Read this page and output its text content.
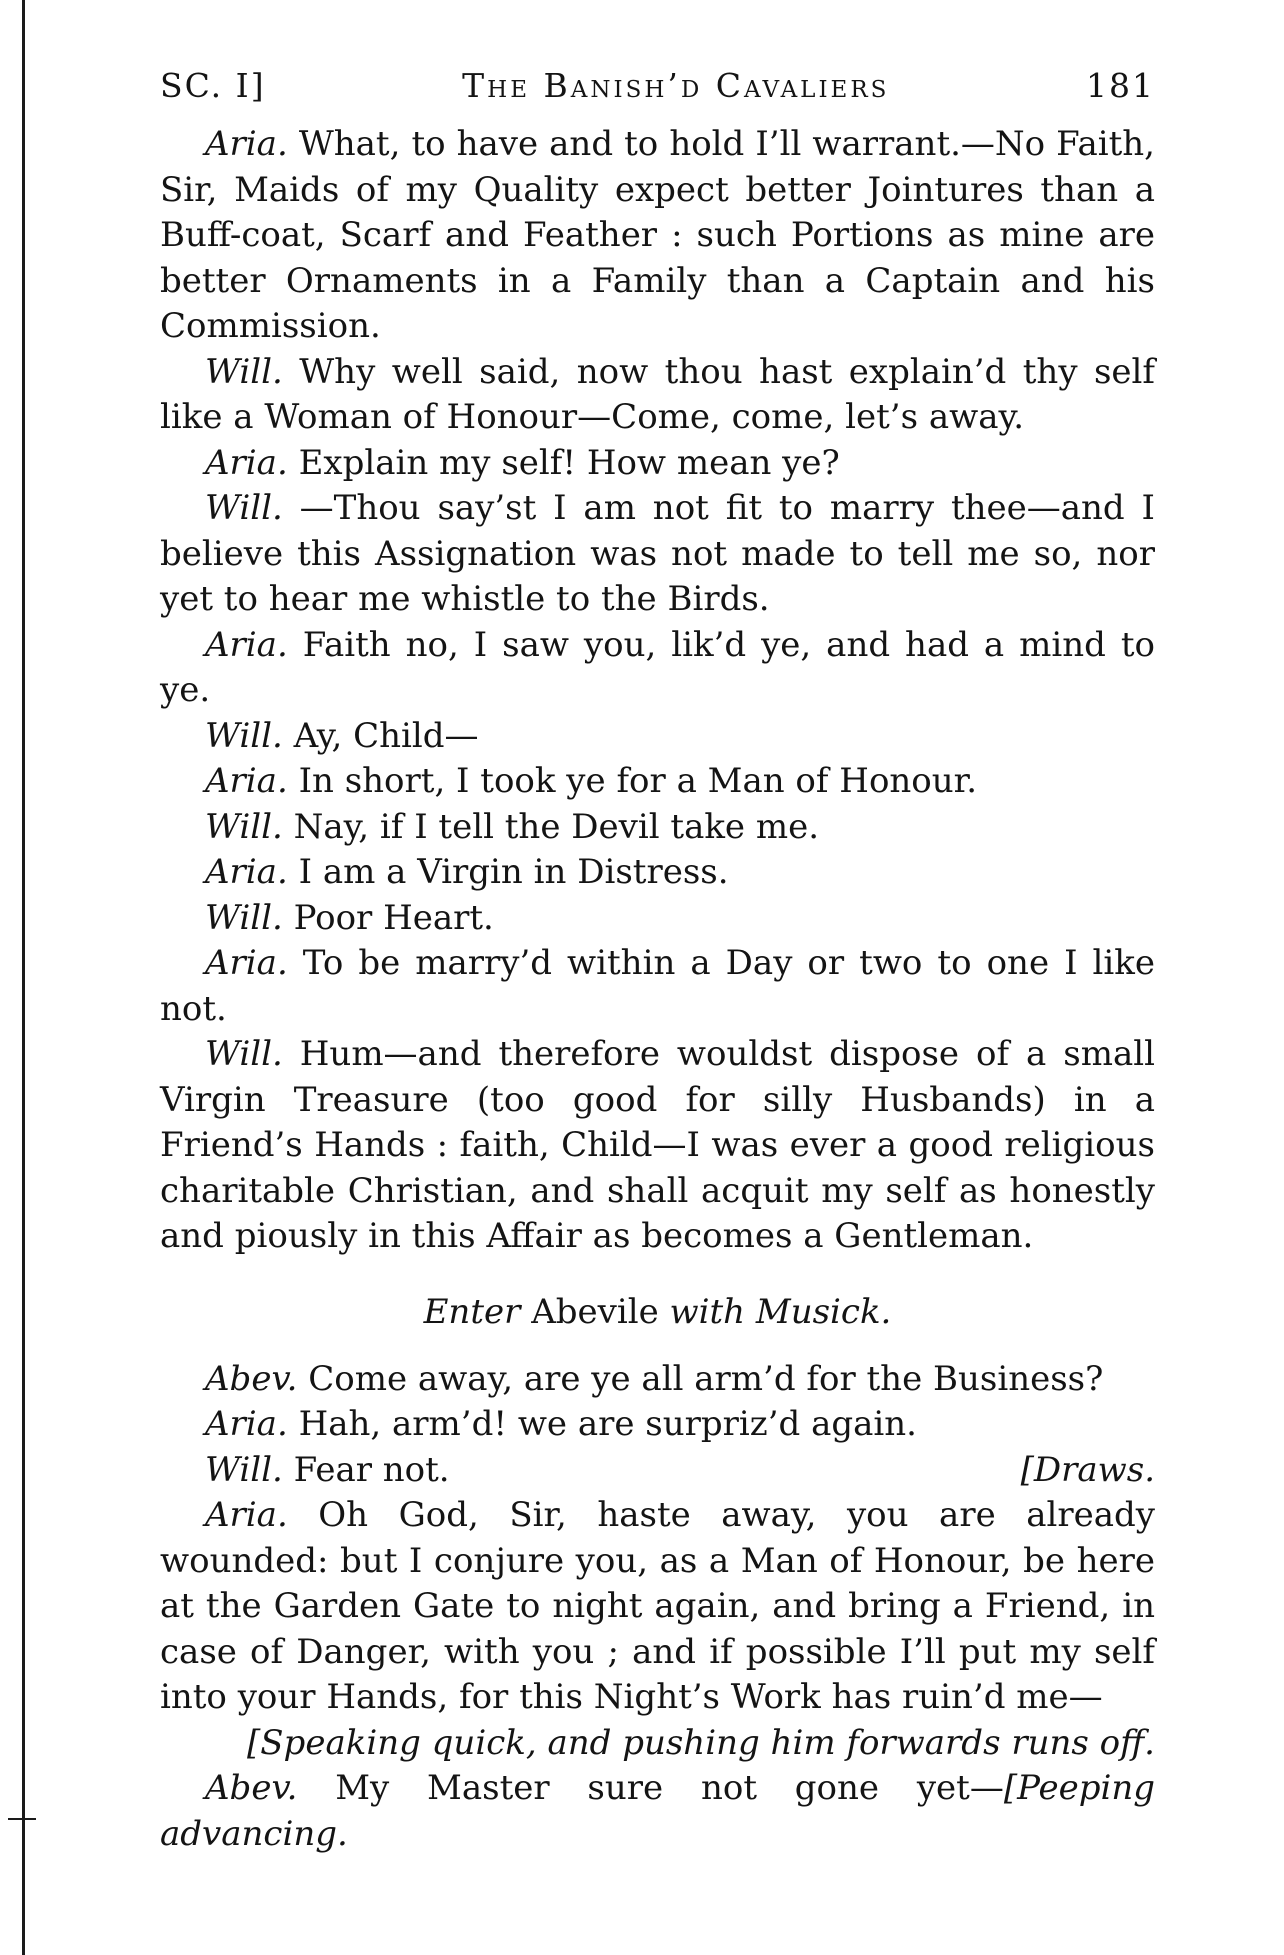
SC. I]	The Banish’d Cavaliers	181

Aria. What, to have and to hold I’ll warrant.—No Faith, Sir, Maids of my Quality expect better Jointures than a Buff-coat, Scarf and Feather : such Portions as mine are better Ornaments in a Family than a Captain and his Commission.

Will. Why well said, now thou hast explain’d thy self like a Woman of Honour—Come, come, let’s away.

Aria. Explain my self! How mean ye?

Will. —Thou say’st I am not fit to marry thee—and I believe this Assignation was not made to tell me so, nor yet to hear me whistle to the Birds.

Aria. Faith no, I saw you, lik’d ye, and had a mind to ye.

Will. Ay, Child—

Aria. In short, I took ye for a Man of Honour.

Will. Nay, if I tell the Devil take me.

Aria. I am a Virgin in Distress.

Will. Poor Heart.

Aria. To be marry’d within a Day or two to one I like not.

Will. Hum—and therefore wouldst dispose of a small Virgin Treasure (too good for silly Husbands) in a Friend’s Hands : faith, Child—I was ever a good religious charitable Christian, and shall acquit my self as honestly and piously in this Affair as becomes a Gentleman.

Enter Abevile with Musick.

Abev. Come away, are ye all arm’d for the Business?

Aria. Hah, arm’d! we are surpriz’d again.

Will. Fear not.	[Draws.

Aria. Oh God, Sir, haste away, you are already wounded: but I conjure you, as a Man of Honour, be here at the Garden Gate to night again, and bring a Friend, in case of Danger, with you ; and if possible I’ll put my self into your Hands, for this Night’s Work has ruin’d me—

[Speaking quick, and pushing him forwards runs off.

Abev. My Master sure not gone yet—[Peeping advancing.
